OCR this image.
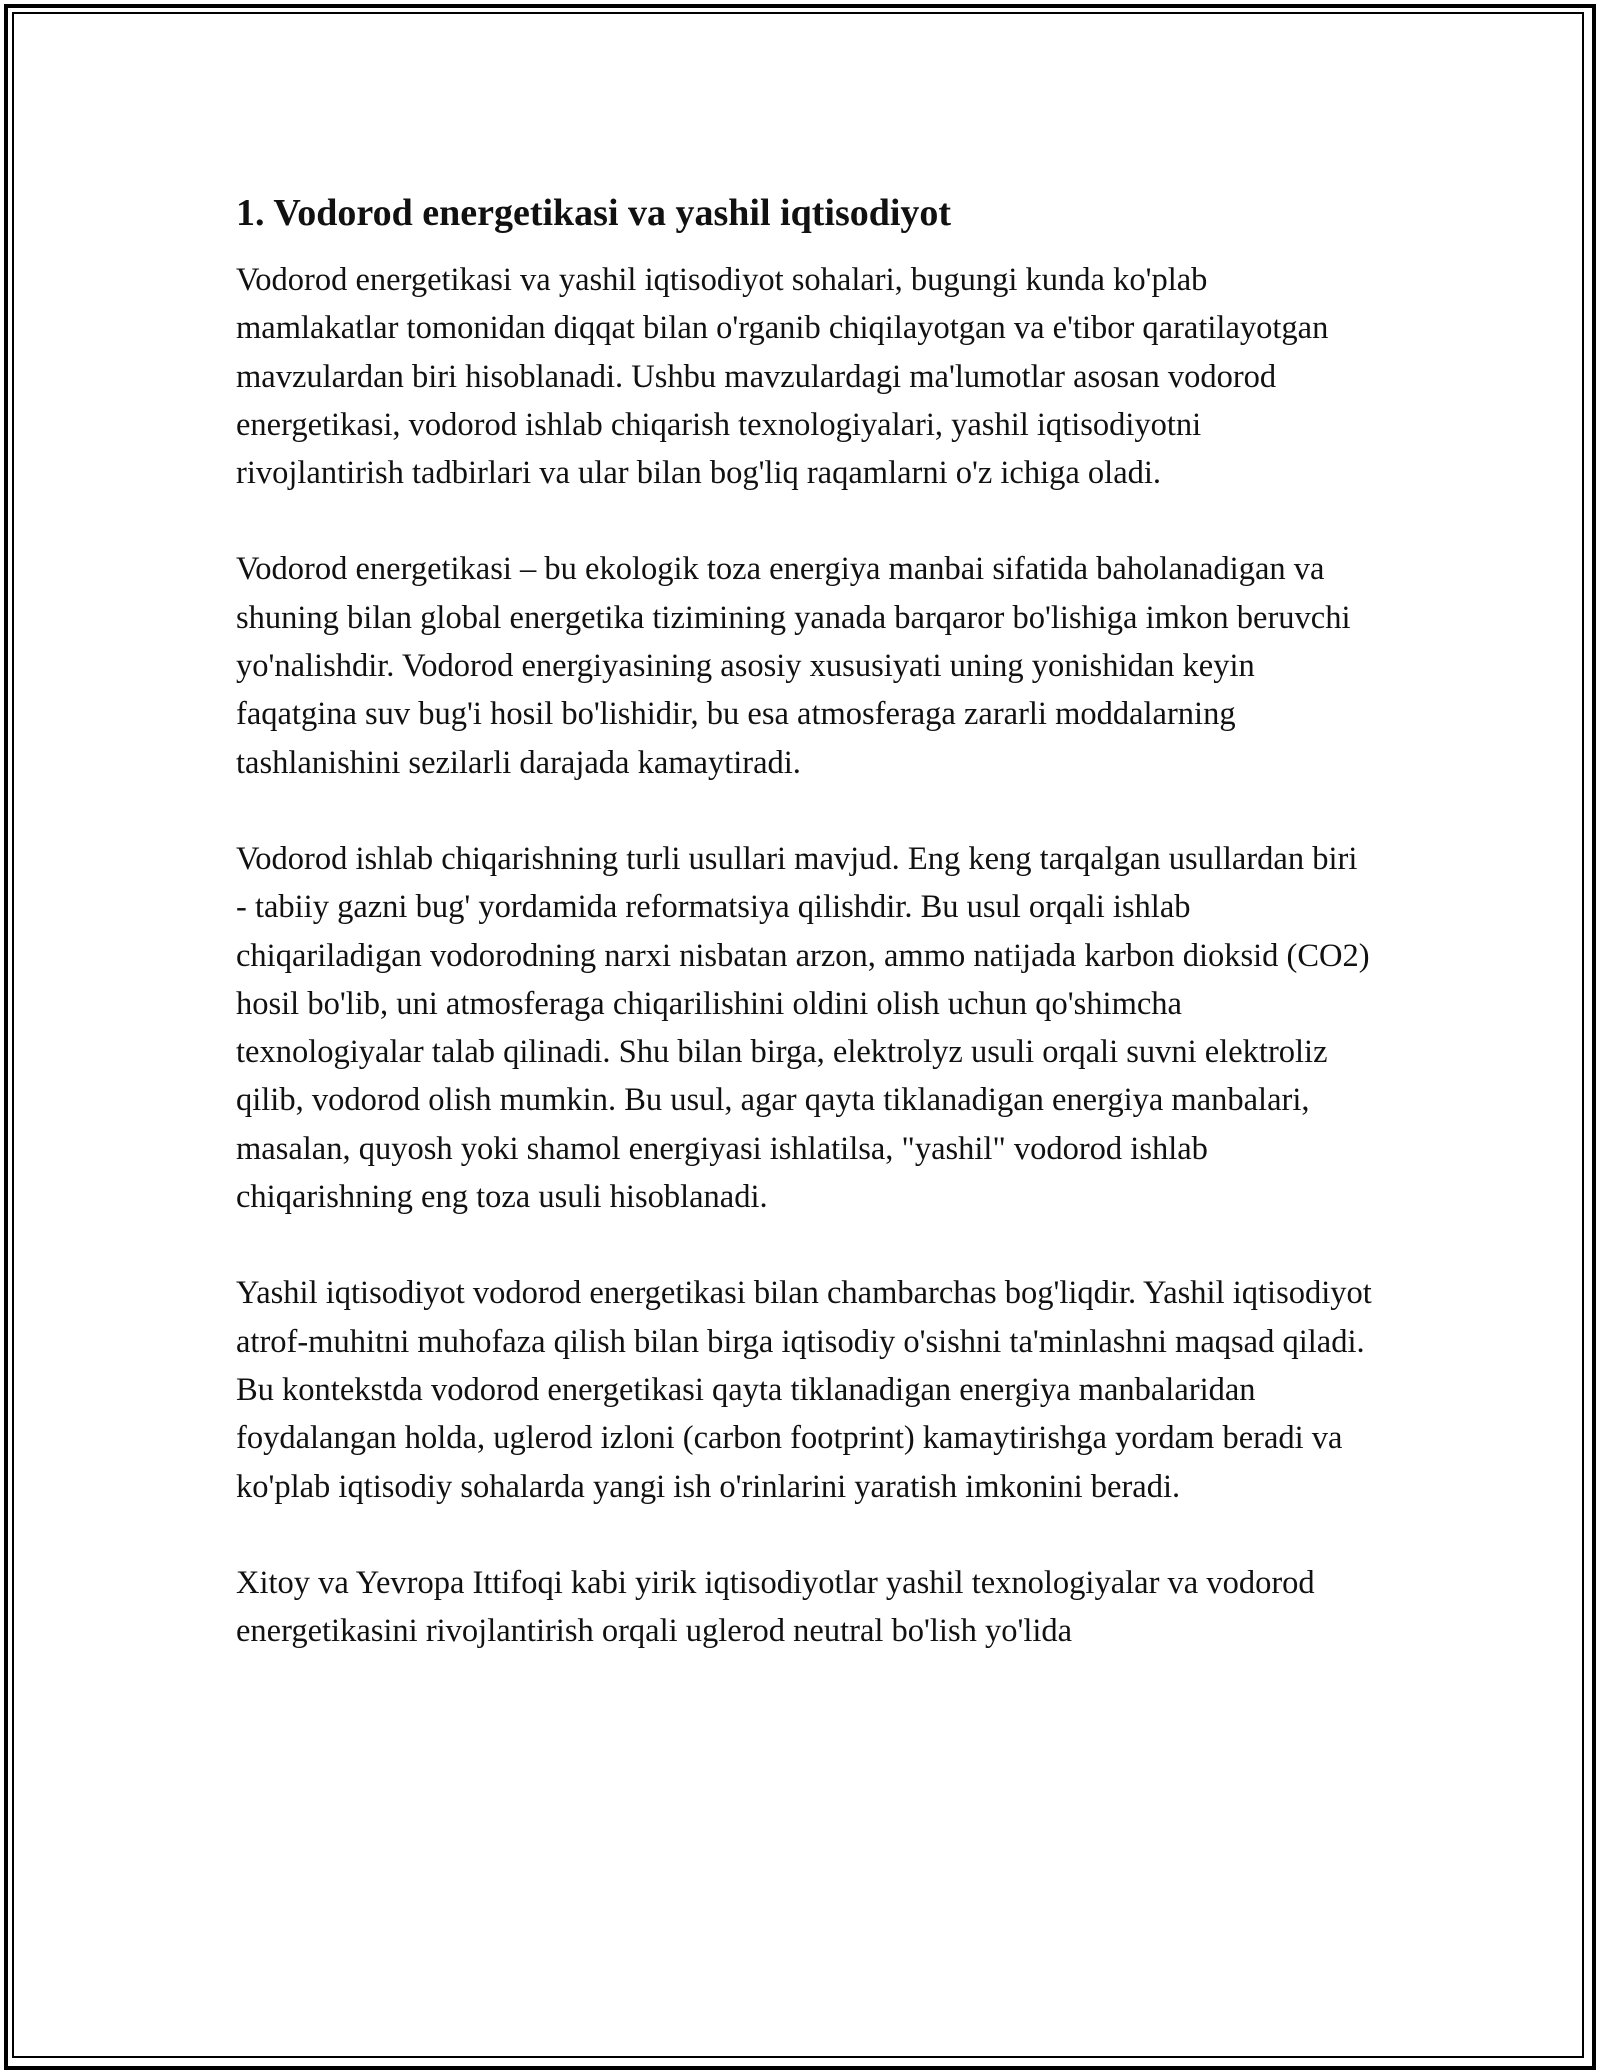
1. Vodorod energetikasi va yashil iqtisodiyot

Vodorod energetikasi va yashil iqtisodiyot sohalari, bugungi kunda ko'plab mamlakatlar tomonidan diqqat bilan o'rganib chiqilayotgan va e'tibor qaratilayotgan mavzulardan biri hisoblanadi. Ushbu mavzulardagi ma'lumotlar asosan vodorod energetikasi, vodorod ishlab chiqarish texnologiyalari, yashil iqtisodiyotni rivojlantirish tadbirlari va ular bilan bog'liq raqamlarni o'z ichiga oladi.

Vodorod energetikasi – bu ekologik toza energiya manbai sifatida baholanadigan va shuning bilan global energetika tizimining yanada barqaror bo'lishiga imkon beruvchi yo'nalishdir. Vodorod energiyasining asosiy xususiyati uning yonishidan keyin faqatgina suv bug'i hosil bo'lishidir, bu esa atmosferaga zararli moddalarning tashlanishini sezilarli darajada kamaytiradi.

Vodorod ishlab chiqarishning turli usullari mavjud. Eng keng tarqalgan usullardan biri - tabiiy gazni bug' yordamida reformatsiya qilishdir. Bu usul orqali ishlab chiqariladigan vodorodning narxi nisbatan arzon, ammo natijada karbon dioksid (CO2) hosil bo'lib, uni atmosferaga chiqarilishini oldini olish uchun qo'shimcha texnologiyalar talab qilinadi. Shu bilan birga, elektrolyz usuli orqali suvni elektroliz qilib, vodorod olish mumkin. Bu usul, agar qayta tiklanadigan energiya manbalari, masalan, quyosh yoki shamol energiyasi ishlatilsa, "yashil" vodorod ishlab chiqarishning eng toza usuli hisoblanadi.

Yashil iqtisodiyot vodorod energetikasi bilan chambarchas bog'liqdir. Yashil iqtisodiyot atrof-muhitni muhofaza qilish bilan birga iqtisodiy o'sishni ta'minlashni maqsad qiladi. Bu kontekstda vodorod energetikasi qayta tiklanadigan energiya manbalaridan foydalangan holda, uglerod izloni (carbon footprint) kamaytirishga yordam beradi va ko'plab iqtisodiy sohalarda yangi ish o'rinlarini yaratish imkonini beradi.

Xitoy va Yevropa Ittifoqi kabi yirik iqtisodiyotlar yashil texnologiyalar va vodorod energetikasini rivojlantirish orqali uglerod neutral bo'lish yo'lida
